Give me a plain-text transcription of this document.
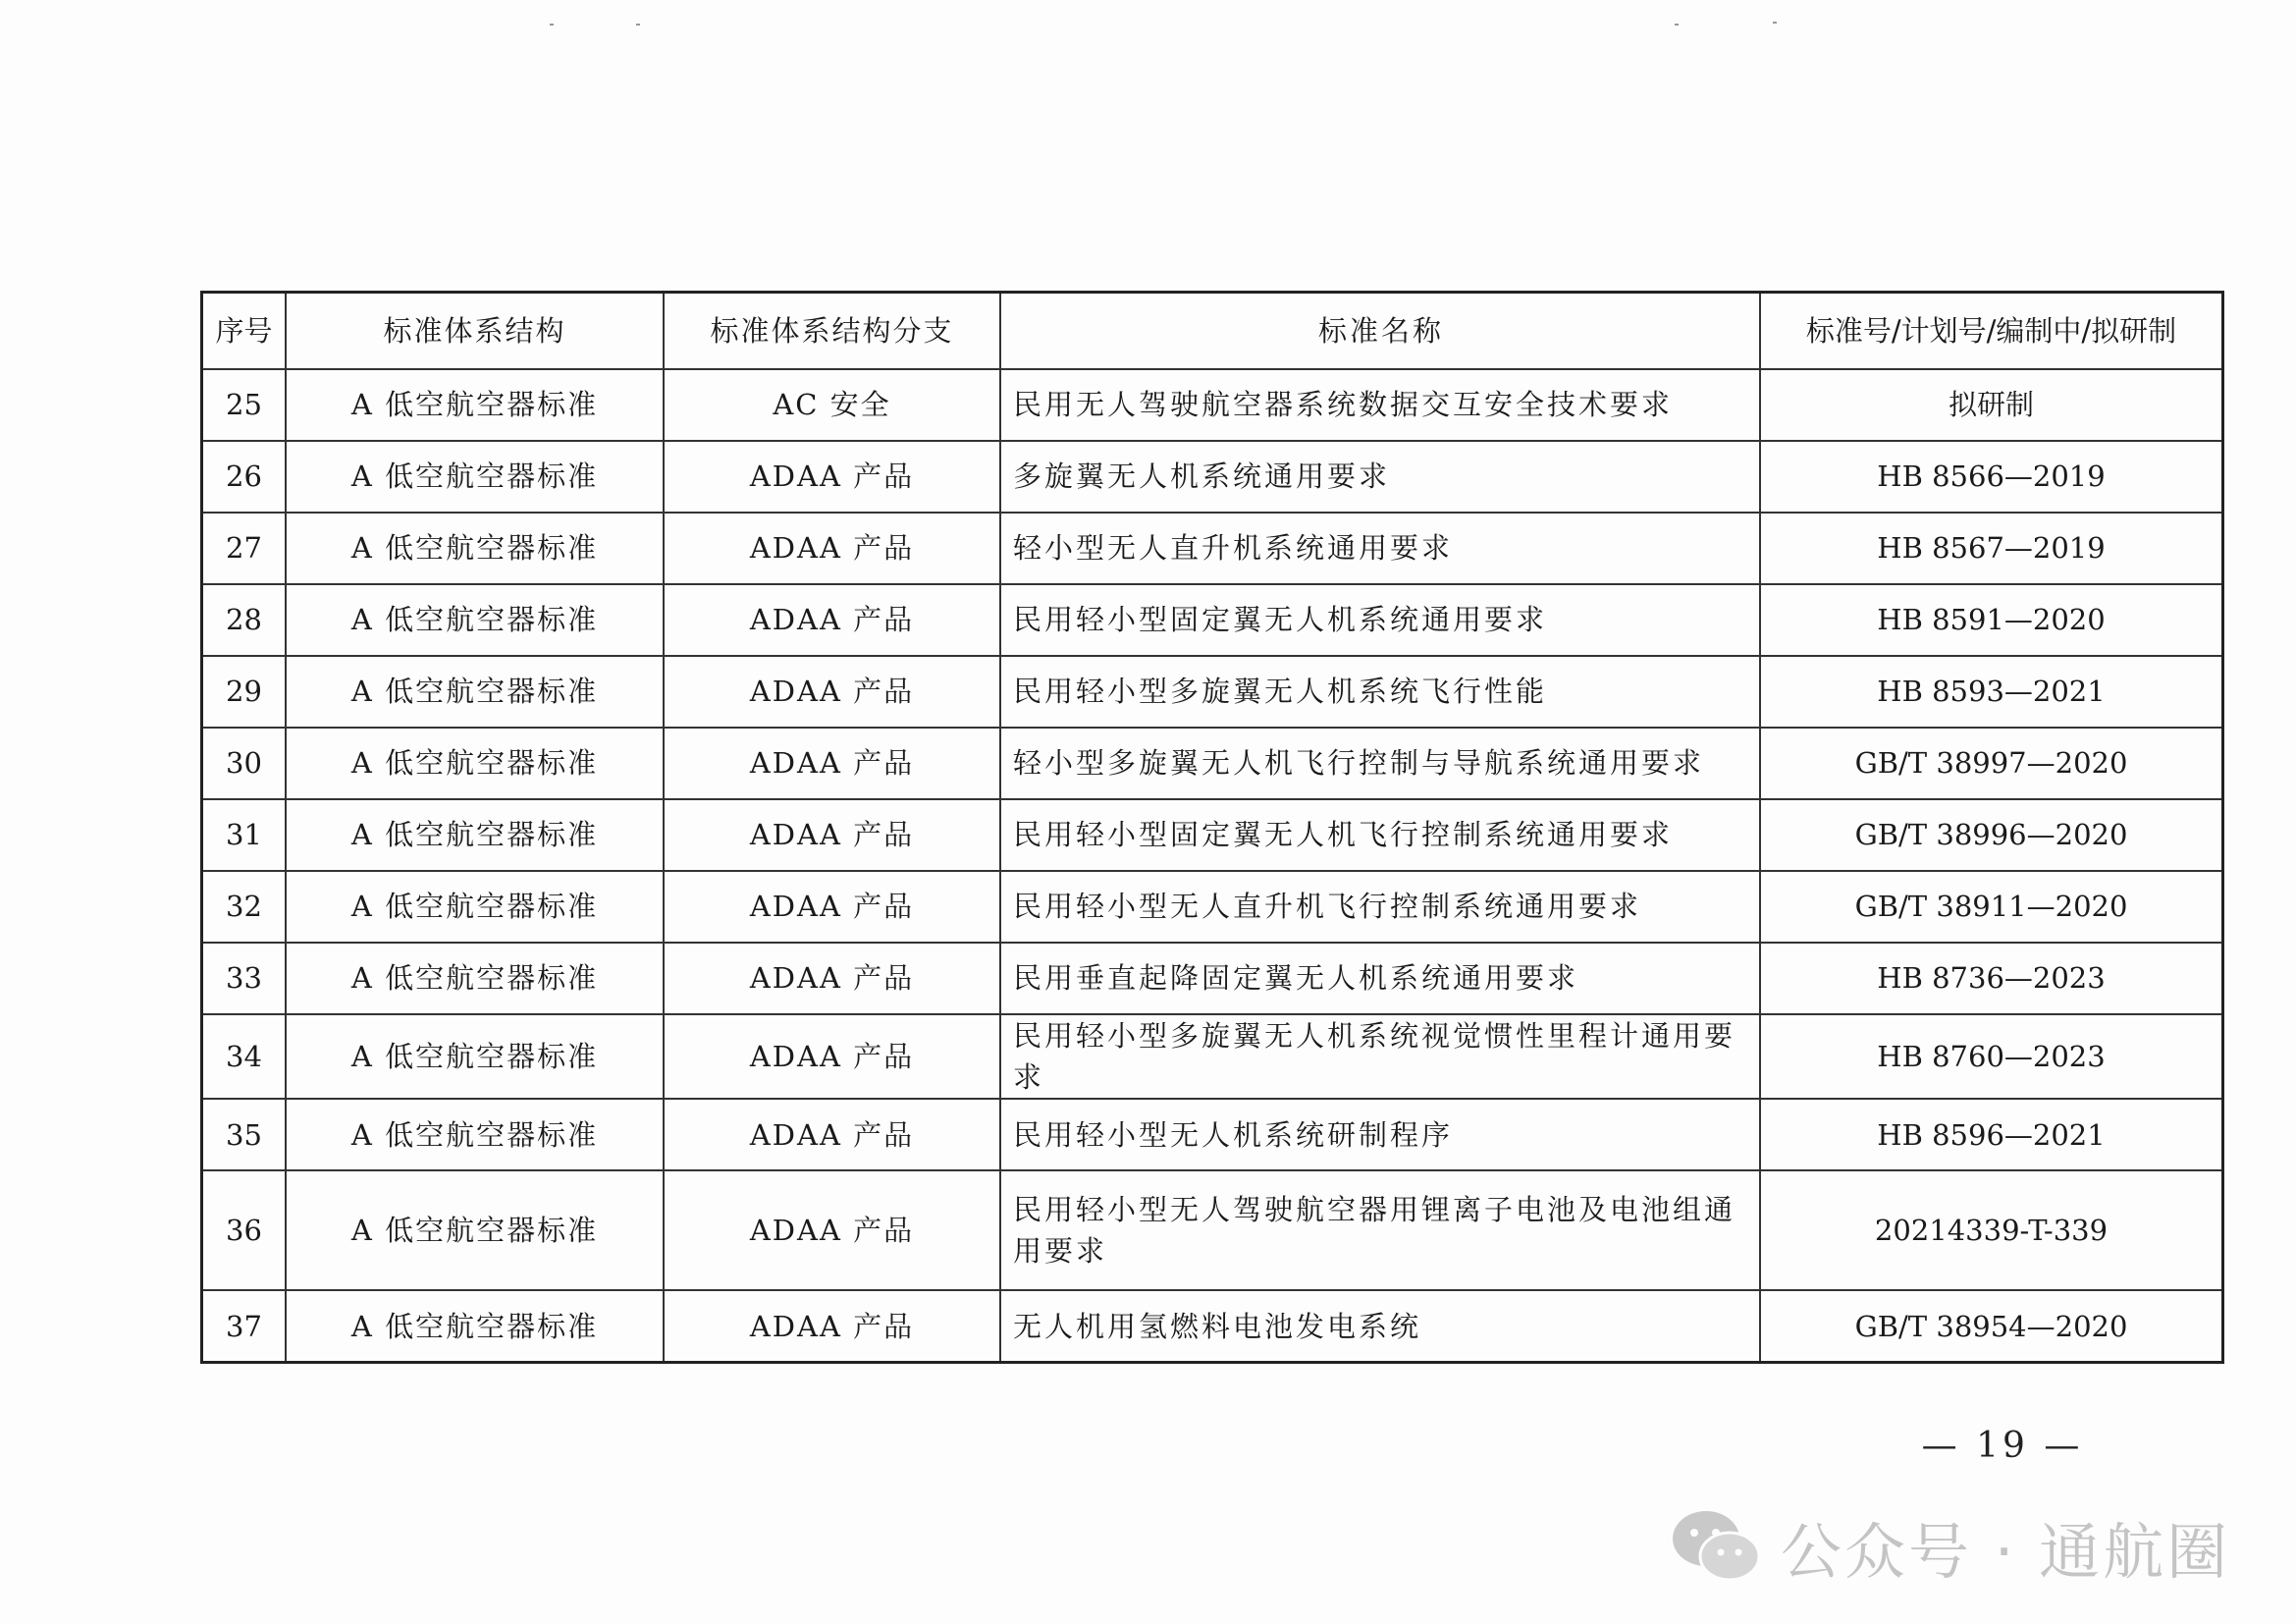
序号	标准体系结构	标准体系结构分支	标准名称	标准号/计划号/编制中/拟研制
25	A 低空航空器标准	AC 安全	民用无人驾驶航空器系统数据交互安全技术要求	拟研制
26	A 低空航空器标准	ADAA 产品	多旋翼无人机系统通用要求	HB 8566—2019
27	A 低空航空器标准	ADAA 产品	轻小型无人直升机系统通用要求	HB 8567—2019
28	A 低空航空器标准	ADAA 产品	民用轻小型固定翼无人机系统通用要求	HB 8591—2020
29	A 低空航空器标准	ADAA 产品	民用轻小型多旋翼无人机系统飞行性能	HB 8593—2021
30	A 低空航空器标准	ADAA 产品	轻小型多旋翼无人机飞行控制与导航系统通用要求	GB/T 38997—2020
31	A 低空航空器标准	ADAA 产品	民用轻小型固定翼无人机飞行控制系统通用要求	GB/T 38996—2020
32	A 低空航空器标准	ADAA 产品	民用轻小型无人直升机飞行控制系统通用要求	GB/T 38911—2020
33	A 低空航空器标准	ADAA 产品	民用垂直起降固定翼无人机系统通用要求	HB 8736—2023
34	A 低空航空器标准	ADAA 产品	民用轻小型多旋翼无人机系统视觉惯性里程计通用要求	HB 8760—2023
35	A 低空航空器标准	ADAA 产品	民用轻小型无人机系统研制程序	HB 8596—2021
36	A 低空航空器标准	ADAA 产品	民用轻小型无人驾驶航空器用锂离子电池及电池组通用要求	20214339-T-339
37	A 低空航空器标准	ADAA 产品	无人机用氢燃料电池发电系统	GB/T 38954—2020
— 19 —
公众号 · 通航圈
